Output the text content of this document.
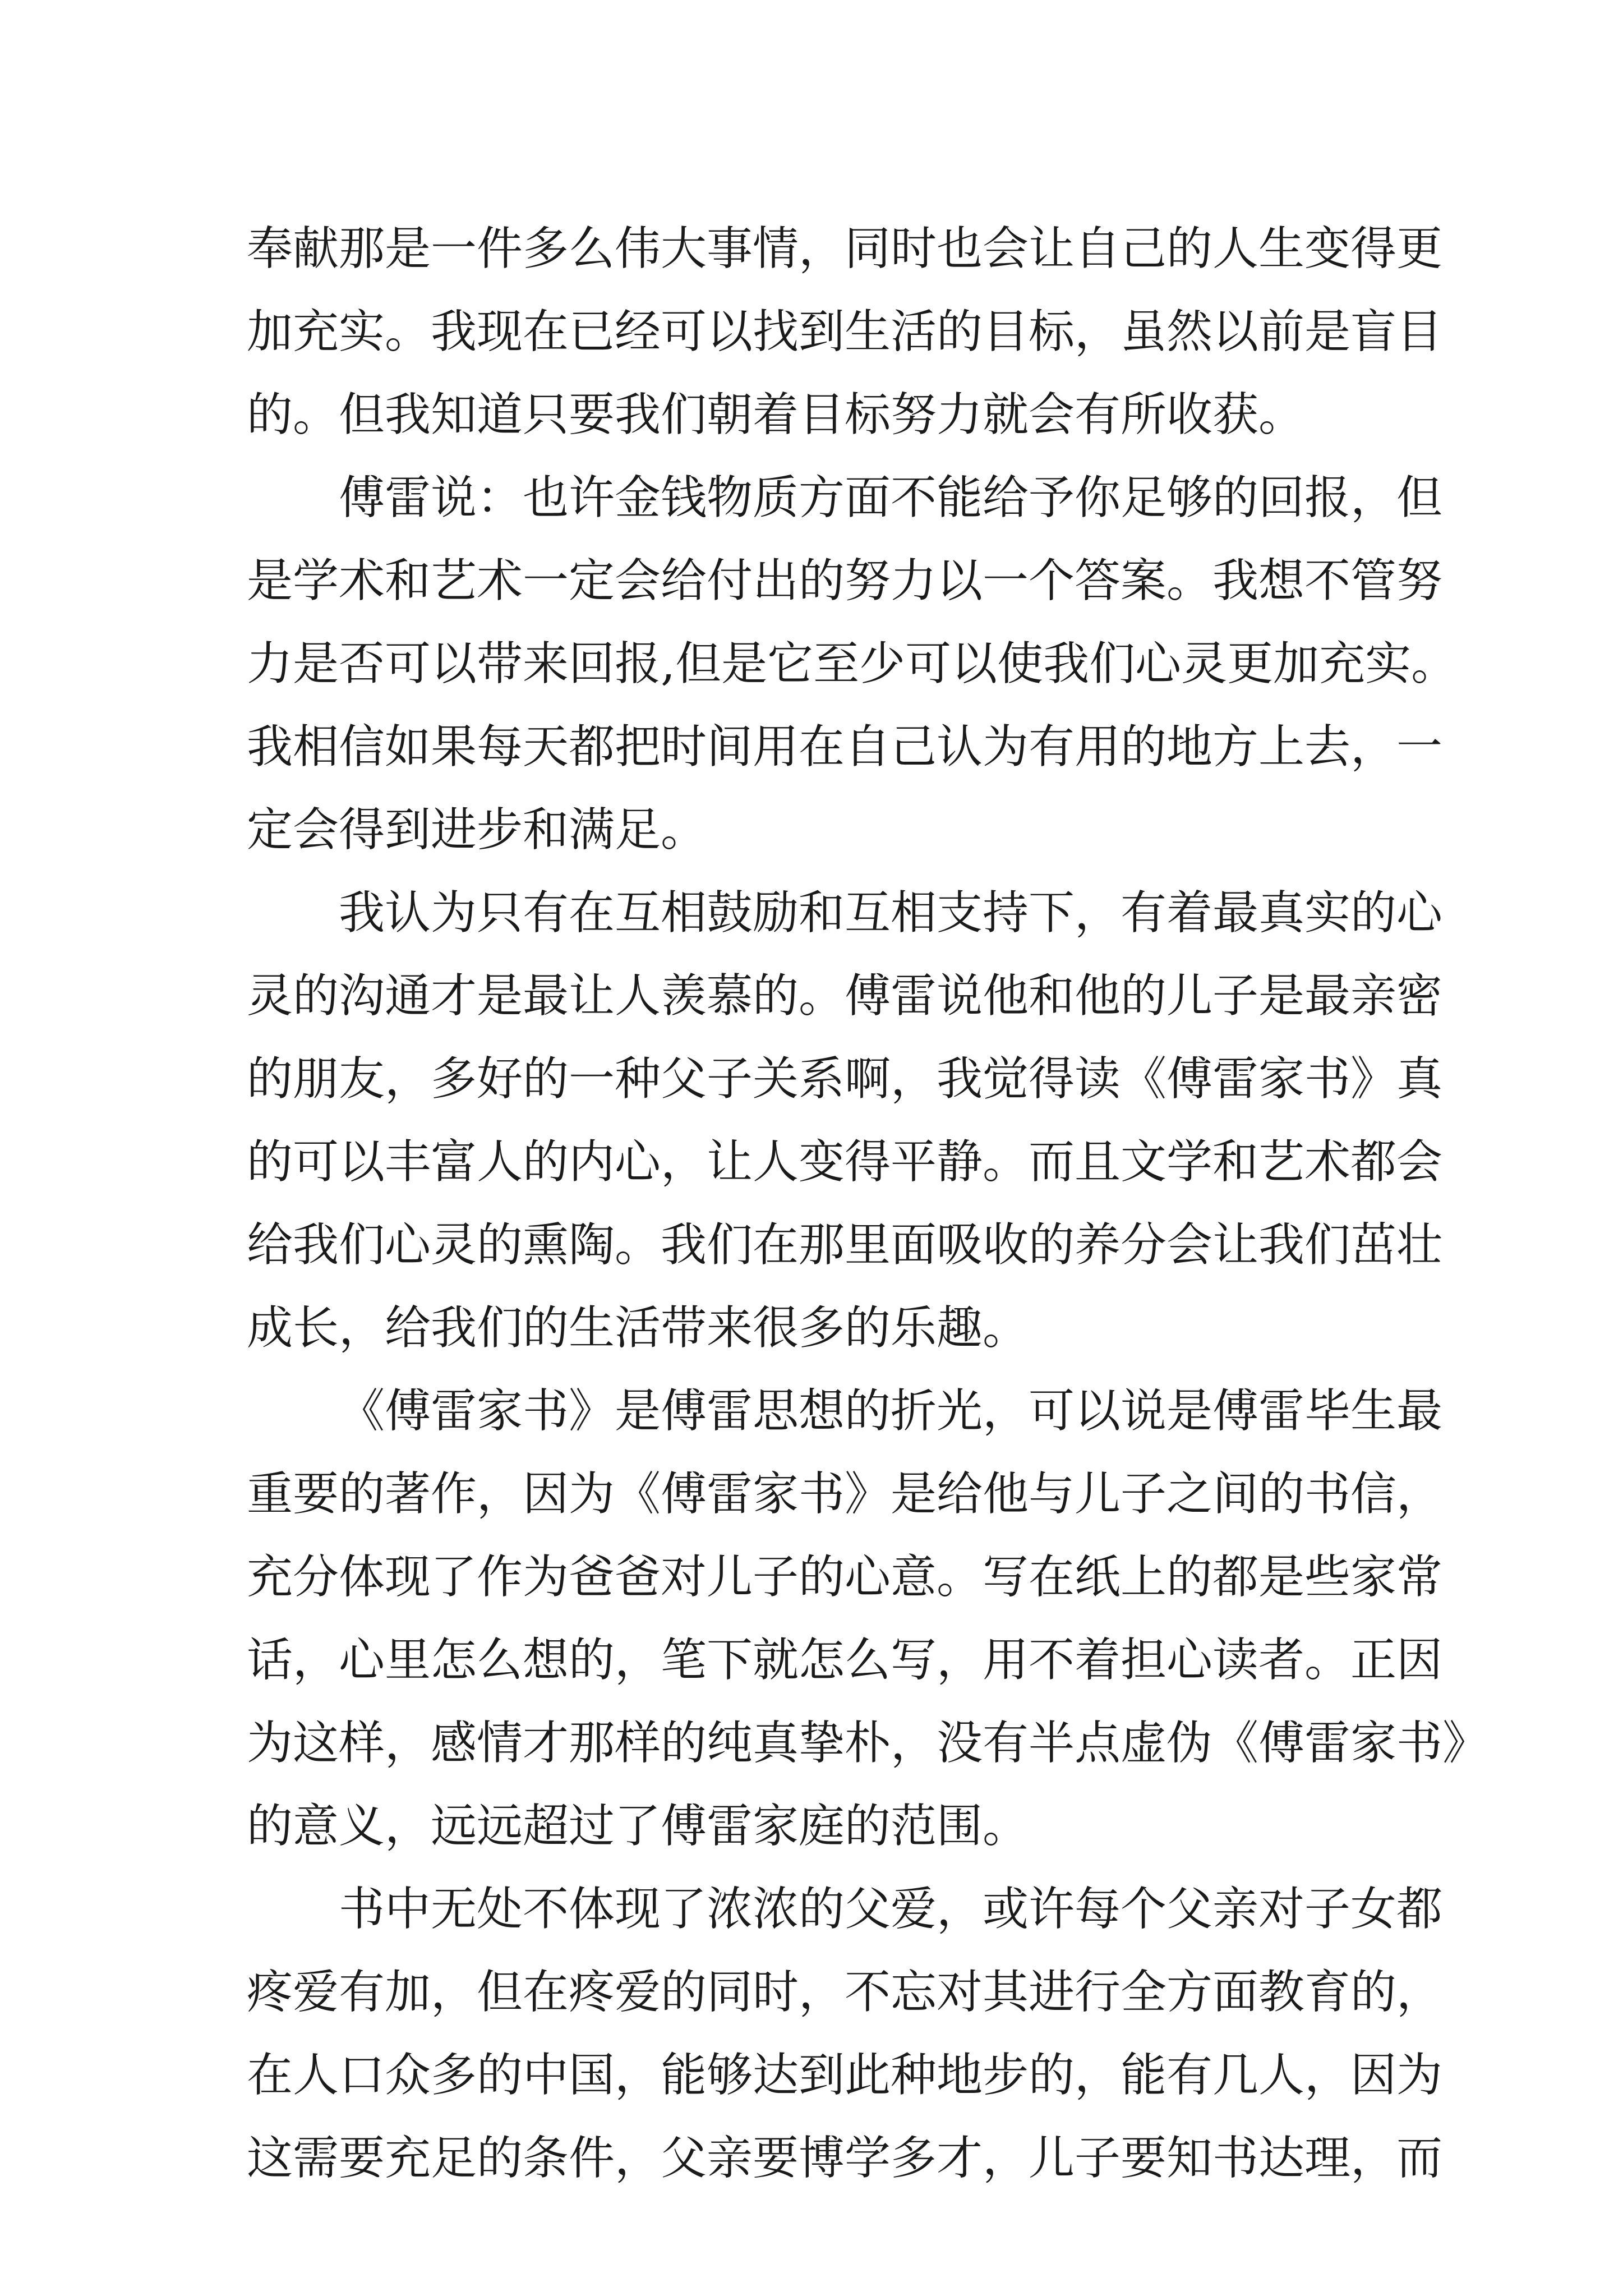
奉献那是一件多么伟大事情，同时也会让自己的人生变得更
加充实。我现在已经可以找到生活的目标，虽然以前是盲目
的。但我知道只要我们朝着目标努力就会有所收获。
傅雷说：也许金钱物质方面不能给予你足够的回报，但
是学术和艺术一定会给付出的努力以一个答案。我想不管努
力是否可以带来回报,但是它至少可以使我们心灵更加充实。
我相信如果每天都把时间用在自己认为有用的地方上去，一
定会得到进步和满足。
我认为只有在互相鼓励和互相支持下，有着最真实的心
灵的沟通才是最让人羡慕的。傅雷说他和他的儿子是最亲密
的朋友，多好的一种父子关系啊，我觉得读《傅雷家书》真
的可以丰富人的内心，让人变得平静。而且文学和艺术都会
给我们心灵的熏陶。我们在那里面吸收的养分会让我们茁壮
成长，给我们的生活带来很多的乐趣。
《傅雷家书》是傅雷思想的折光，可以说是傅雷毕生最
重要的著作，因为《傅雷家书》是给他与儿子之间的书信，
充分体现了作为爸爸对儿子的心意。写在纸上的都是些家常
话，心里怎么想的，笔下就怎么写，用不着担心读者。正因
为这样，感情才那样的纯真挚朴，没有半点虚伪《傅雷家书》
的意义，远远超过了傅雷家庭的范围。
书中无处不体现了浓浓的父爱，或许每个父亲对子女都
疼爱有加，但在疼爱的同时，不忘对其进行全方面教育的，
在人口众多的中国，能够达到此种地步的，能有几人，因为
这需要充足的条件，父亲要博学多才，儿子要知书达理，而
